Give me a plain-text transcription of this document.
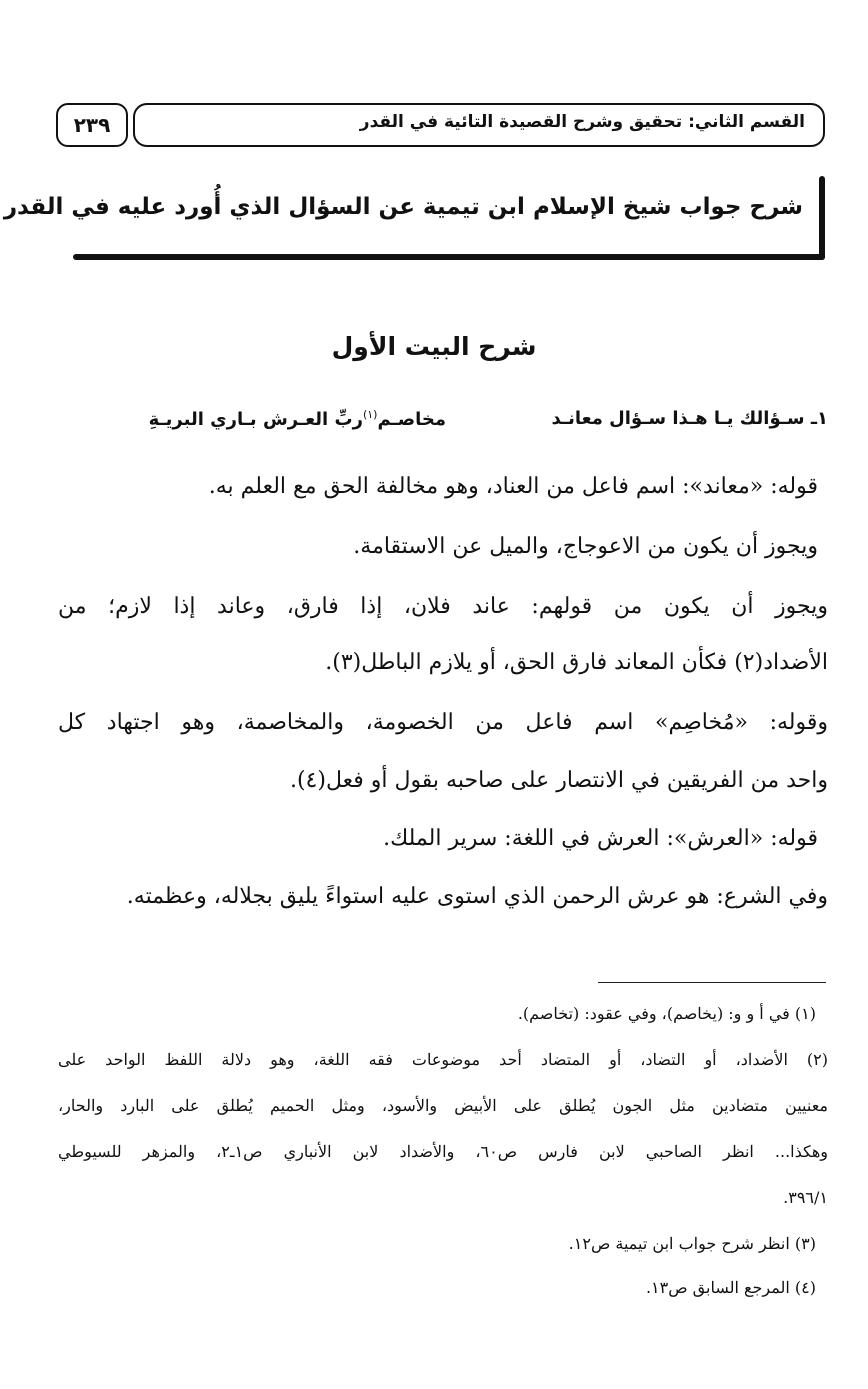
القسم الثاني: تحقيق وشرح القصيدة التائية في القدر
٢٣٩
شرح جواب شيخ الإسلام ابن تيمية عن السؤال الذي أُورد عليه في القدر
شرح البيت الأول
١ـ سـؤالك يـا هـذا سـؤال معانـد
مخاصـم$^{(١)}$ربِّ العـرش بـاري البريـةِ
قوله: «معاند»: اسم فاعل من العناد، وهو مخالفة الحق مع العلم به.
ويجوز أن يكون من الاعوجاج، والميل عن الاستقامة.
ويجوز أن يكون من قولهم: عاند فلان، إذا فارق، وعاند إذا لازم؛ من
الأضداد(٢) فكأن المعاند فارق الحق، أو يلازم الباطل(٣).
وقوله: «مُخاصِم» اسم فاعل من الخصومة، والمخاصمة، وهو اجتهاد كل
واحد من الفريقين في الانتصار على صاحبه بقول أو فعل(٤).
قوله: «العرش»: العرش في اللغة: سرير الملك.
وفي الشرع: هو عرش الرحمن الذي استوى عليه استواءً يليق بجلاله، وعظمته.
(١) في أ و و: (يخاصم)، وفي عقود: (تخاصم).
(٢) الأضداد، أو التضاد، أو المتضاد أحد موضوعات فقه اللغة، وهو دلالة اللفظ الواحد على
معنيين متضادين مثل الجون يُطلق على الأبيض والأسود، ومثل الحميم يُطلق على البارد والحار،
وهكذا... انظر الصاحبي لابن فارس ص٦٠، والأضداد لابن الأنباري ص١ـ٢، والمزهر للسيوطي
٣٩٦/١.
(٣) انظر شرح جواب ابن تيمية ص١٢.
(٤) المرجع السابق ص١٣.
